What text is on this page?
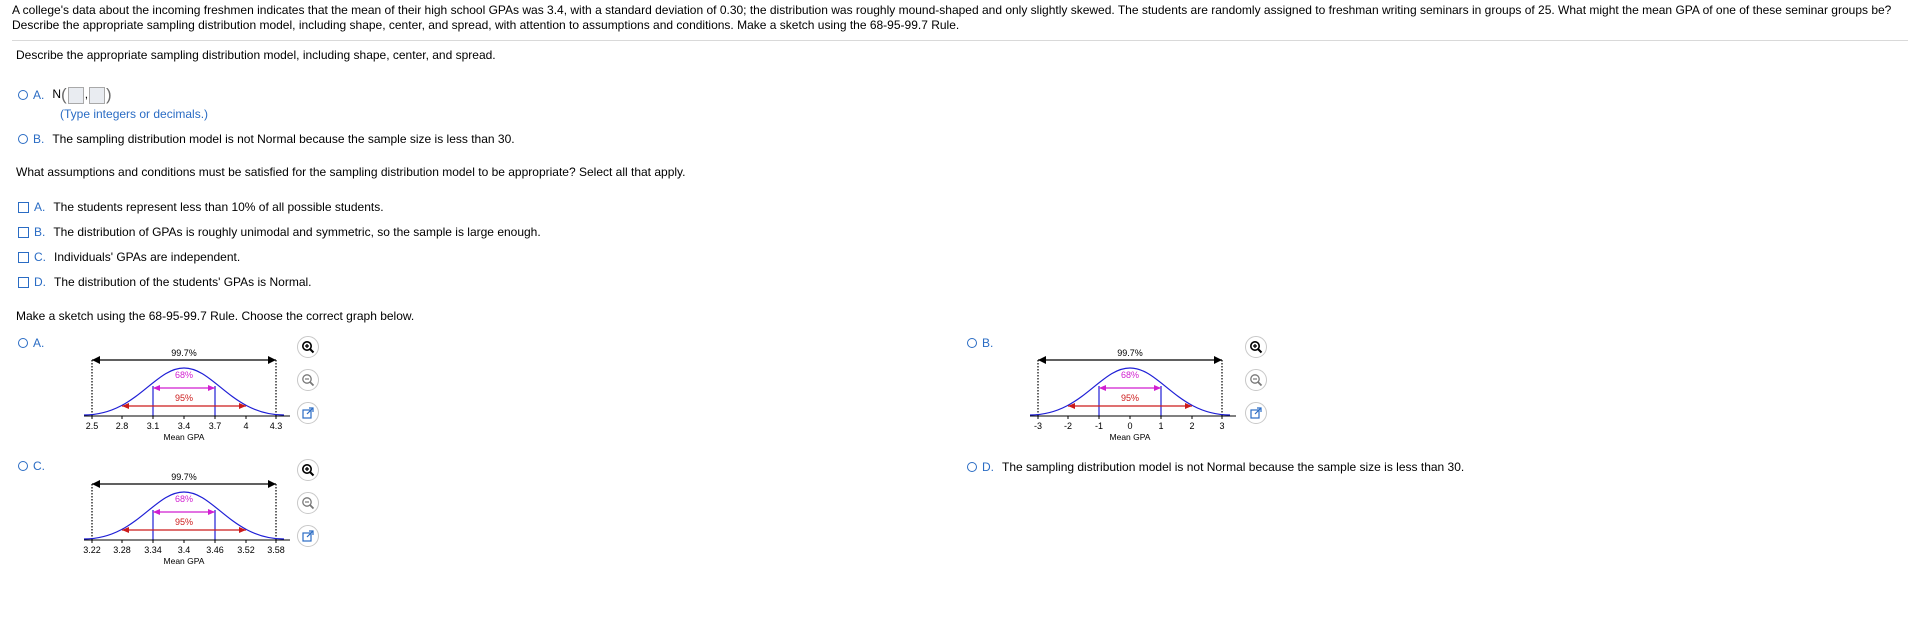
A college's data about the incoming freshmen indicates that the mean of their high school GPAs was 3.4, with a standard deviation of 0.30; the distribution was roughly mound-shaped and only slightly skewed. The students are randomly assigned to freshman writing seminars in groups of 25. What might the mean GPA of one of these seminar groups be? Describe the appropriate sampling distribution model, including shape, center, and spread, with attention to assumptions and conditions. Make a sketch using the 68-95-99.7 Rule.
Describe the appropriate sampling distribution model, including shape, center, and spread.
A. N( , )
(Type integers or decimals.)
B. The sampling distribution model is not Normal because the sample size is less than 30.
What assumptions and conditions must be satisfied for the sampling distribution model to be appropriate? Select all that apply.
A. The students represent less than 10% of all possible students.
B. The distribution of GPAs is roughly unimodal and symmetric, so the sample is large enough.
C. Individuals' GPAs are independent.
D. The distribution of the students' GPAs is Normal.
Make a sketch using the 68-95-99.7 Rule. Choose the correct graph below.
A.
99.7%
68%
95%
2.5 2.8 3.1 3.4 3.7 4 4.3
Mean GPA
B.
99.7%
68%
95%
-3 -2	-1	0	1	2	3
Mean GPA
C.
99.7%
68%
95%
3.22 3.28 3.34 3.4 3.46 3.52 3.58
Mean GPA
D. The sampling distribution model is not Normal because the sample size is less than 30.
